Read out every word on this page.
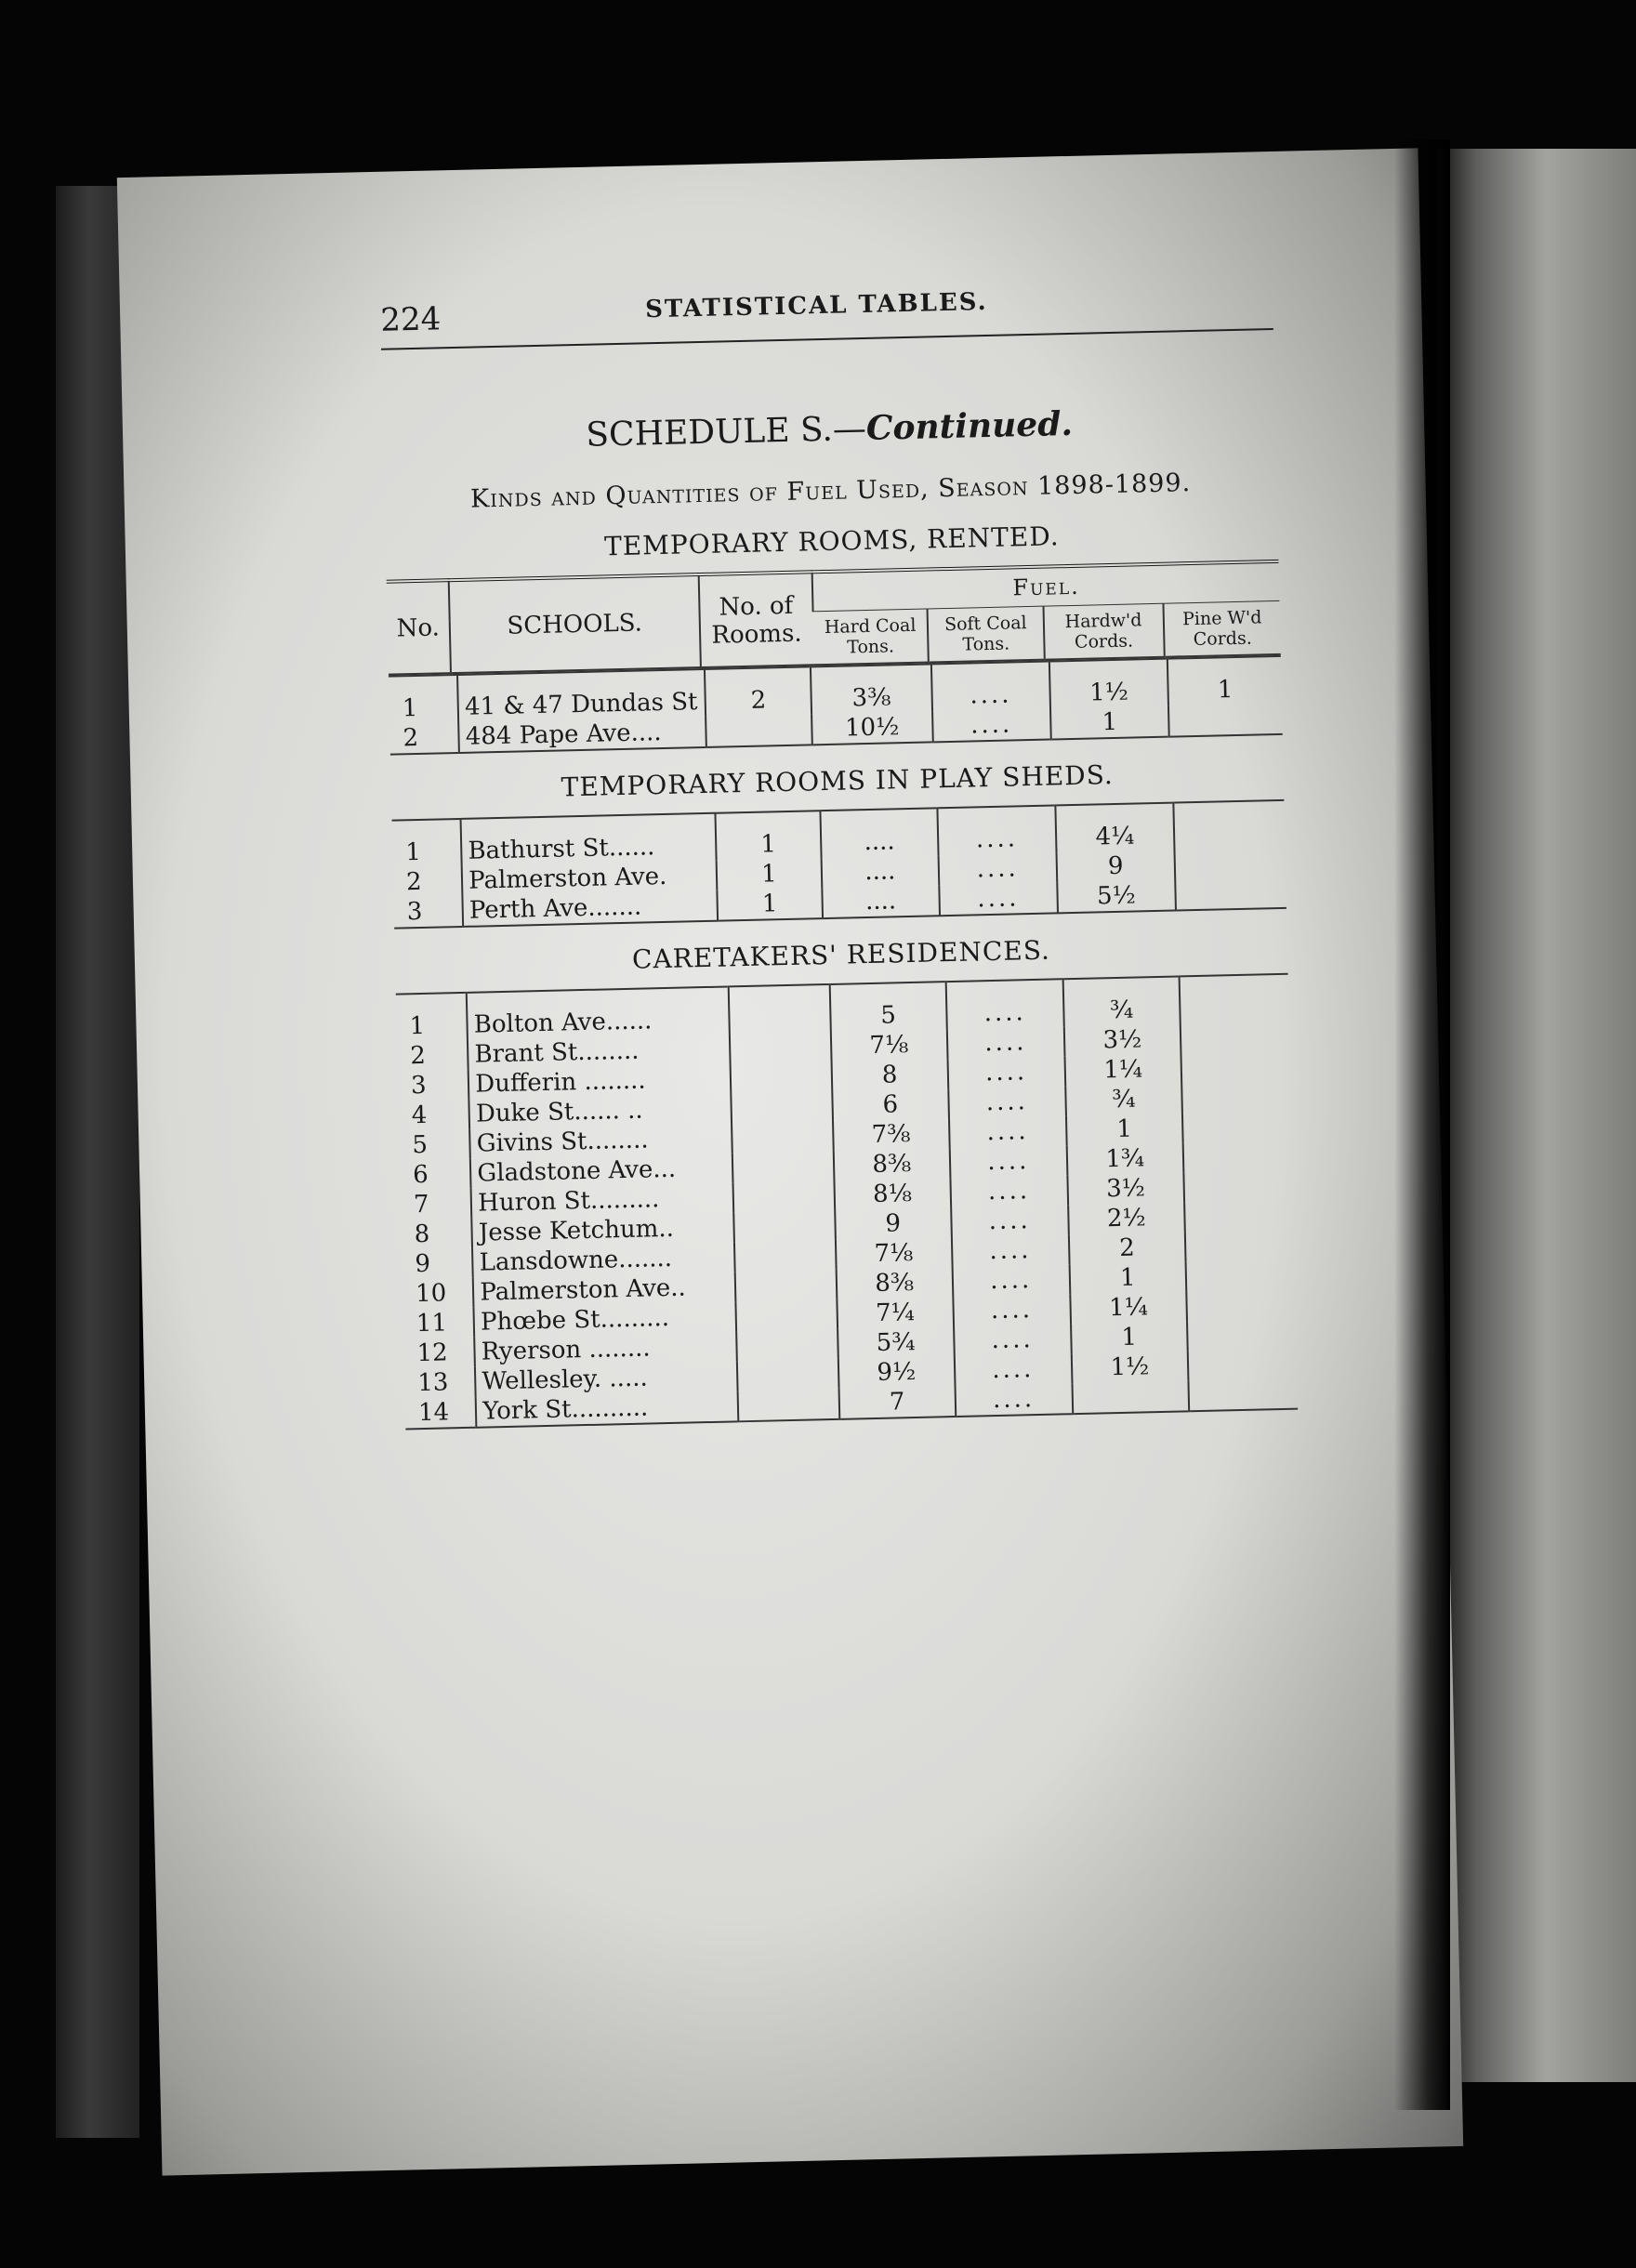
224	STATISTICAL TABLES.
SCHEDULE S.—Continued.
Kinds and Quantities of Fuel Used, Season 1898-1899.
TEMPORARY ROOMS, RENTED.
No.	SCHOOLS.	No. of Rooms.	Fuel.			
			Hard Coal Tons.	Soft Coal Tons.	Hardw'd Cords.	Pine W'd Cords.
1	41 & 47 Dundas St	2	3⅜	....	1½	1
2	484 Pape Ave....		10½	....	1	
TEMPORARY ROOMS IN PLAY SHEDS.
1	Bathurst St......	1	....	....	4¼	
2	Palmerston Ave.	1	....	....	9	
3	Perth Ave.......	1	....	....	5½	
CARETAKERS' RESIDENCES.
1	Bolton Ave......		5	....	¾	
2	Brant St........		7⅛	....	3½	
3	Dufferin ........		8	....	1¼	
4	Duke St...... ..		6	....	¾	
5	Givins St........		7⅜	....	1	
6	Gladstone Ave...		8⅜	....	1¾	
7	Huron St.........		8⅛	....	3½	
8	Jesse Ketchum..		9	....	2½	
9	Lansdowne.......		7⅛	....	2	
10	Palmerston Ave..		8⅜	....	1	
11	Phœbe St.........		7¼	....	1¼	
12	Ryerson ........		5¾	....	1	
13	Wellesley. .....		9½	....	1½	
14	York St..........		7	....		
